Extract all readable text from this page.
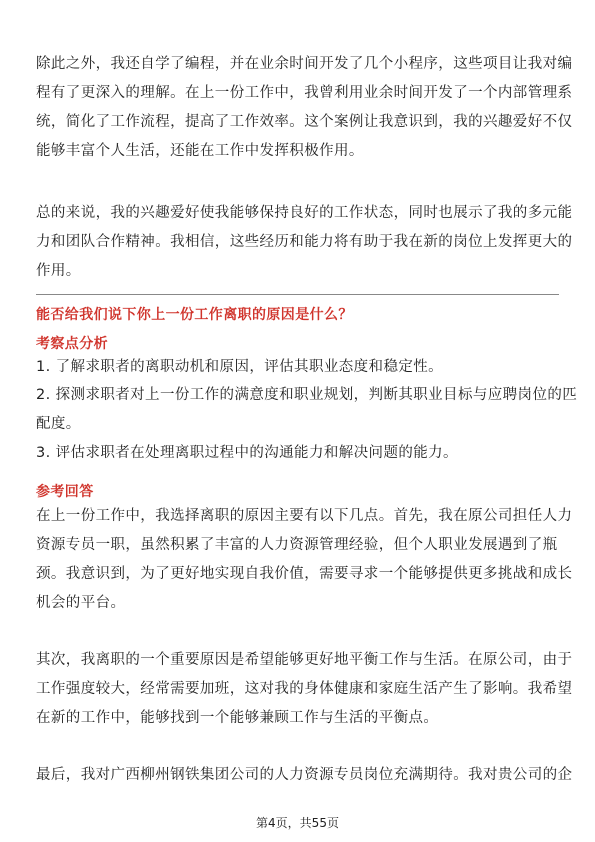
除此之外，我还自学了编程，并在业余时间开发了几个小程序，这些项目让我对编
程有了更深入的理解。在上一份工作中，我曾利用业余时间开发了一个内部管理系
统，简化了工作流程，提高了工作效率。这个案例让我意识到，我的兴趣爱好不仅
能够丰富个人生活，还能在工作中发挥积极作用。

总的来说，我的兴趣爱好使我能够保持良好的工作状态，同时也展示了我的多元能
力和团队合作精神。我相信，这些经历和能力将有助于我在新的岗位上发挥更大的
作用。

能否给我们说下你上一份工作离职的原因是什么？

考察点分析

1. 了解求职者的离职动机和原因，评估其职业态度和稳定性。

2. 探测求职者对上一份工作的满意度和职业规划，判断其职业目标与应聘岗位的匹
配度。

3. 评估求职者在处理离职过程中的沟通能力和解决问题的能力。

参考回答

在上一份工作中，我选择离职的原因主要有以下几点。首先，我在原公司担任人力
资源专员一职，虽然积累了丰富的人力资源管理经验，但个人职业发展遇到了瓶
颈。我意识到，为了更好地实现自我价值，需要寻求一个能够提供更多挑战和成长
机会的平台。

其次，我离职的一个重要原因是希望能够更好地平衡工作与生活。在原公司，由于
工作强度较大，经常需要加班，这对我的身体健康和家庭生活产生了影响。我希望
在新的工作中，能够找到一个能够兼顾工作与生活的平衡点。

最后，我对广西柳州钢铁集团公司的人力资源专员岗位充满期待。我对贵公司的企

第4页，共55页
